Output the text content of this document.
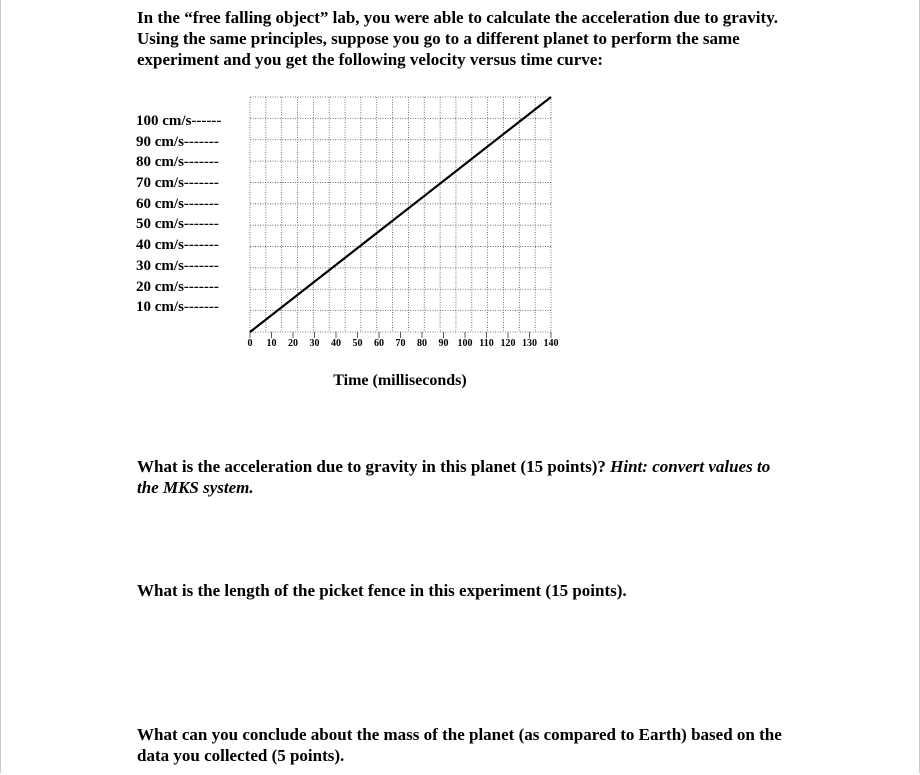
In the “free falling object” lab, you were able to calculate the acceleration due to gravity. Using the same principles, suppose you go to a different planet to perform the same experiment and you get the following velocity versus time curve:
100 cm/s------
90 cm/s-------
80 cm/s-------
70 cm/s-------
60 cm/s-------
50 cm/s-------
40 cm/s-------
30 cm/s-------
20 cm/s-------
10 cm/s-------
0 10 20 30 40 50 60 70 80 90 100 110 120 130 140
Time (milliseconds)
What is the acceleration due to gravity in this planet (15 points)? Hint: convert values to the MKS system.
What is the length of the picket fence in this experiment (15 points).
What can you conclude about the mass of the planet (as compared to Earth) based on the data you collected (5 points).
